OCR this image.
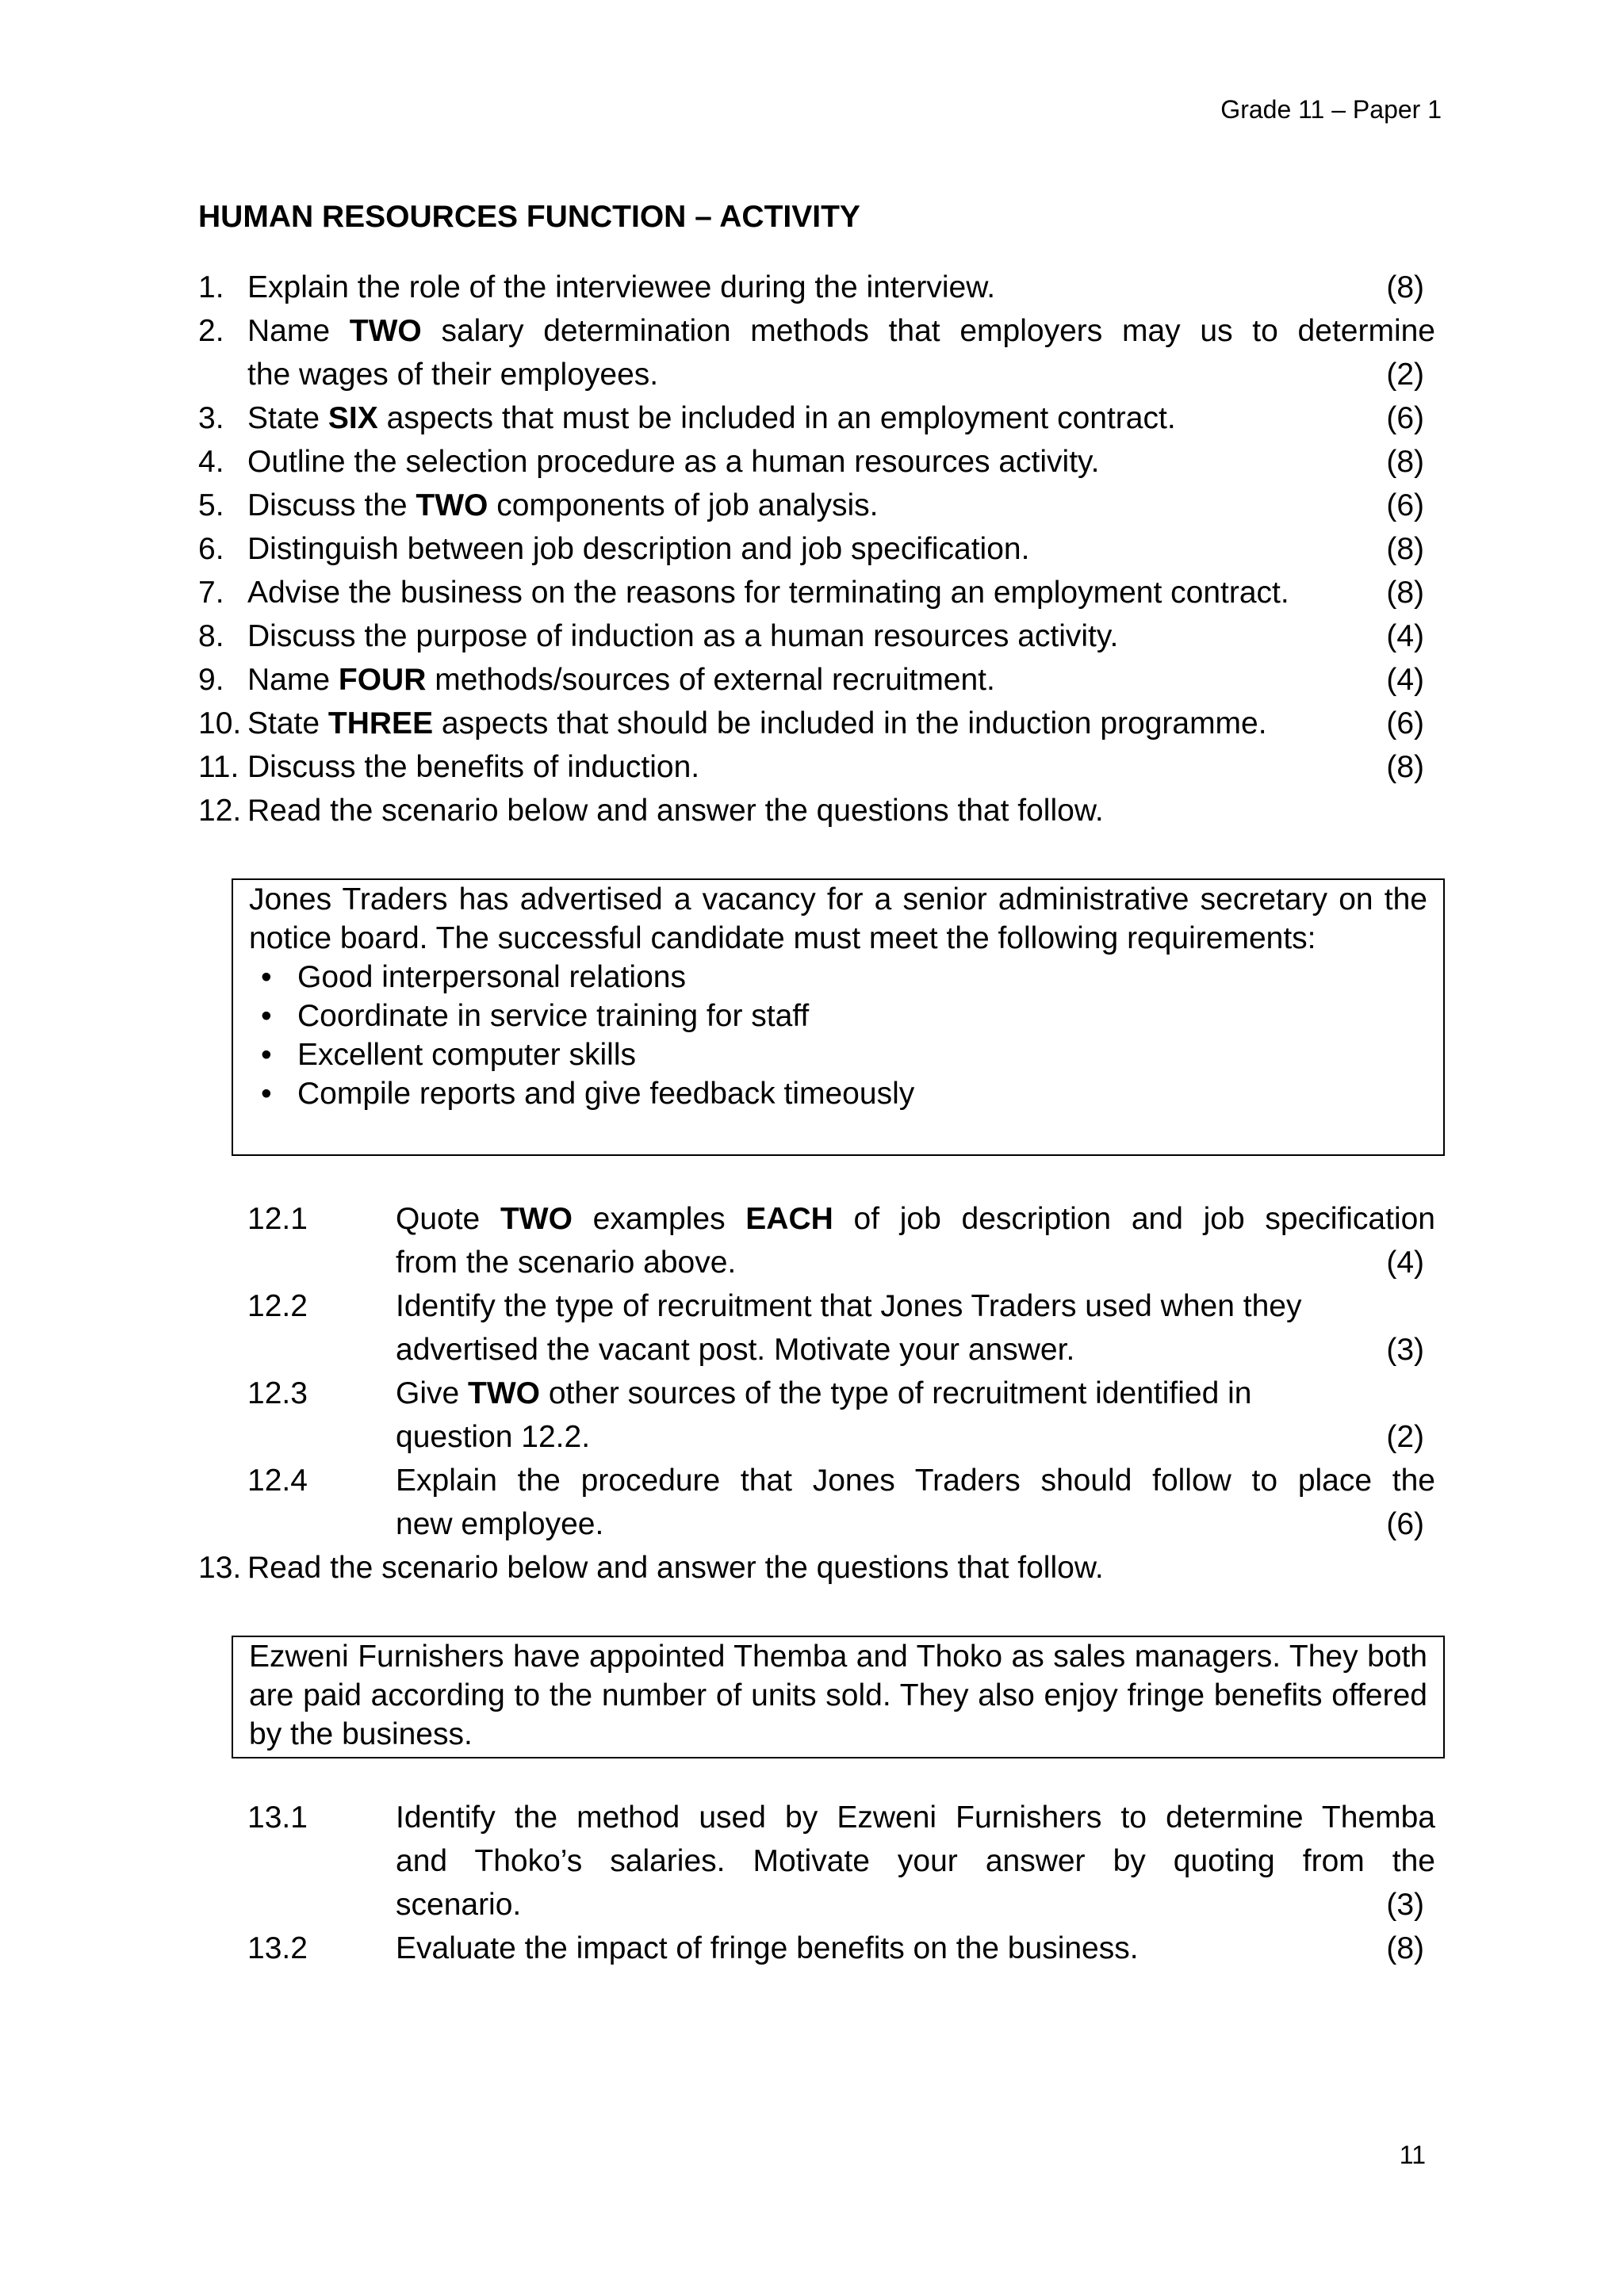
Grade 11 – Paper 1
HUMAN RESOURCES FUNCTION – ACTIVITY
1. Explain the role of the interviewee during the interview.	(8)
2. Name TWO salary determination methods that employers may us to determine
the wages of their employees.	(2)
3. State SIX aspects that must be included in an employment contract.	(6)
4. Outline the selection procedure as a human resources activity.	(8)
5. Discuss the TWO components of job analysis.	(6)
6. Distinguish between job description and job specification.	(8)
7. Advise the business on the reasons for terminating an employment contract.	(8)
8. Discuss the purpose of induction as a human resources activity.	(4)
9. Name FOUR methods/sources of external recruitment.	(4)
10. State THREE aspects that should be included in the induction programme.	(6)
11. Discuss the benefits of induction.	(8)
12. Read the scenario below and answer the questions that follow.

Jones Traders has advertised a vacancy for a senior administrative secretary on the notice board. The successful candidate must meet the following requirements:

• Good interpersonal relations
• Coordinate in service training for staff
• Excellent computer skills
• Compile reports and give feedback timeously
12.1	Quote TWO examples EACH of job description and job specification
from the scenario above.	(4)
12.2	Identify the type of recruitment that Jones Traders used when they
advertised the vacant post. Motivate your answer.	(3)
12.3	Give TWO other sources of the type of recruitment identified in
question 12.2.	(2)
12.4	Explain the procedure that Jones Traders should follow to place the
new employee.	(6)
13. Read the scenario below and answer the questions that follow.

Ezweni Furnishers have appointed Themba and Thoko as sales managers. They both are paid according to the number of units sold. They also enjoy fringe benefits offered by the business.

13.1	Identify the method used by Ezweni Furnishers to determine Themba
and Thoko’s salaries. Motivate your answer by quoting from the
scenario.	(3)
13.2	Evaluate the impact of fringe benefits on the business.	(8)
11
